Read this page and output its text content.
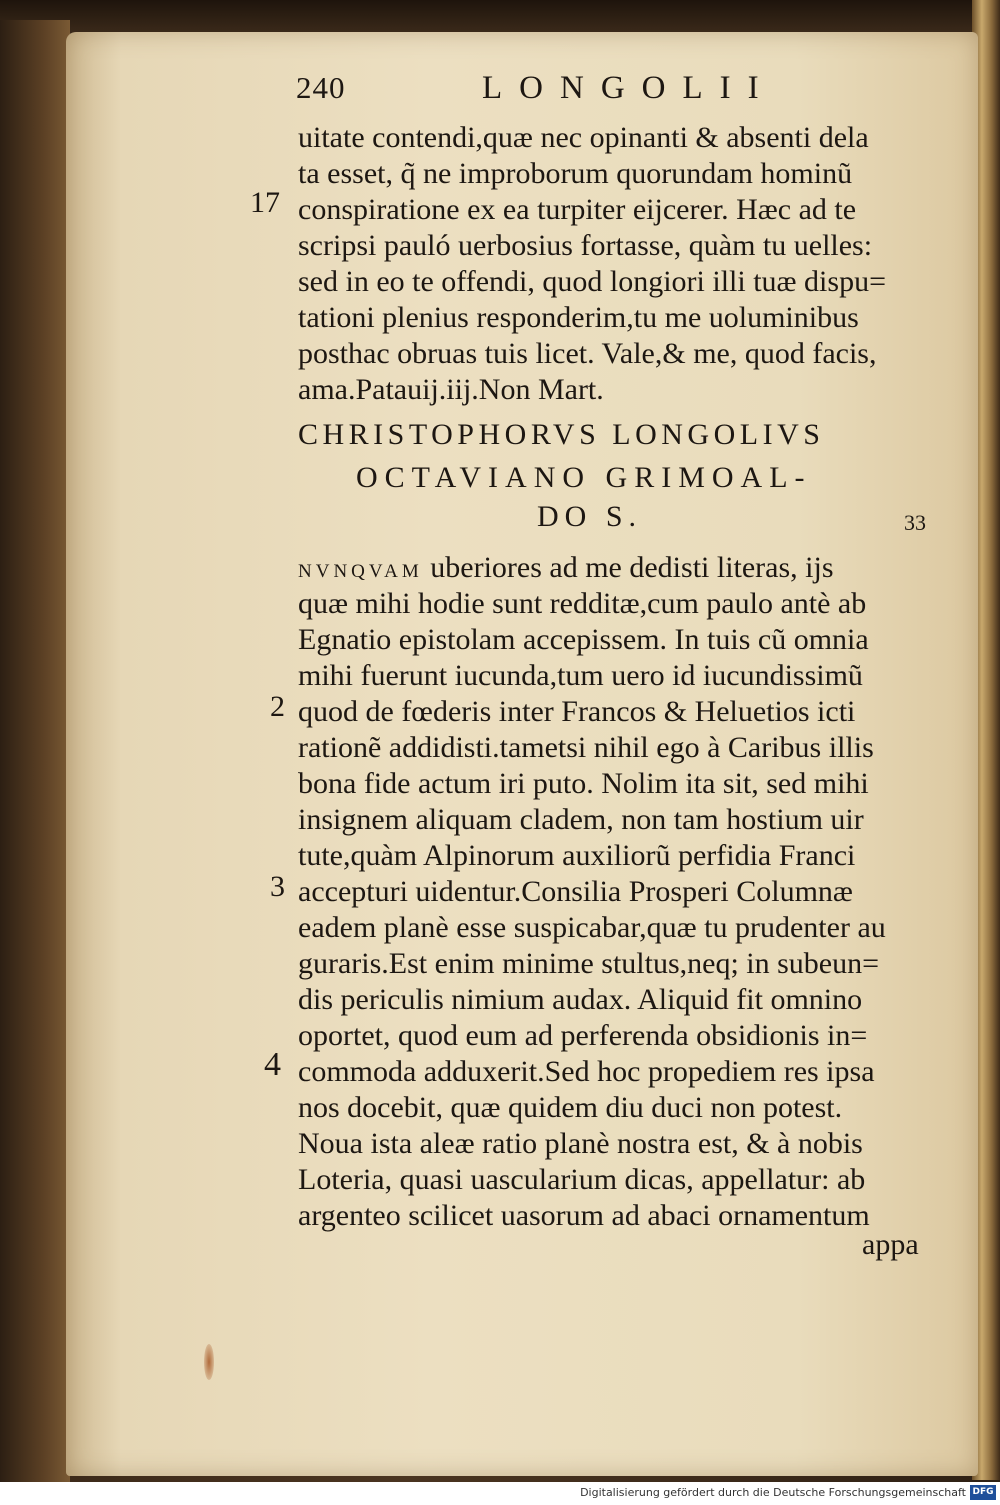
240	LONGOLII
uitate contendi,quæ nec opinanti & absenti dela
ta esset, q̃ ne improborum quorundam hominũ
conspiratione ex ea turpiter eijcerer. Hæc ad te
scripsi pauló uerbosius fortasse, quàm tu uelles:
sed in eo te offendi, quod longiori illi tuæ dispu=
tationi plenius responderim,tu me uoluminibus
posthac obruas tuis licet. Vale,& me, quod facis,
ama.Patauij.iij.Non Mart.
17
CHRISTOPHORVS LONGOLIVS
OCTAVIANO GRIMOAL-
DO S.	33
NVNQVAM uberiores ad me dedisti literas, ijs
quæ mihi hodie sunt redditæ,cum paulo antè ab
Egnatio epistolam accepissem. In tuis cũ omnia
mihi fuerunt iucunda,tum uero id iucundissimũ
quod de fœderis inter Francos & Heluetios icti
rationẽ addidisti.tametsi nihil ego à Caribus illis
bona fide actum iri puto. Nolim ita sit, sed mihi
insignem aliquam cladem, non tam hostium uir
tute,quàm Alpinorum auxiliorũ perfidia Franci
accepturi uidentur.Consilia Prosperi Columnæ
eadem planè esse suspicabar,quæ tu prudenter au
guraris.Est enim minime stultus,neq; in subeun=
dis periculis nimium audax. Aliquid fit omnino
oportet, quod eum ad perferenda obsidionis in=
commoda adduxerit.Sed hoc propediem res ipsa
nos docebit, quæ quidem diu duci non potest.
Noua ista aleæ ratio planè nostra est, & à nobis
Loteria, quasi uascularium dicas, appellatur: ab
argenteo scilicet uasorum ad abaci ornamentum
2
3
4
appa
Digitalisierung gefördert durch die Deutsche Forschungsgemeinschaft DFG
